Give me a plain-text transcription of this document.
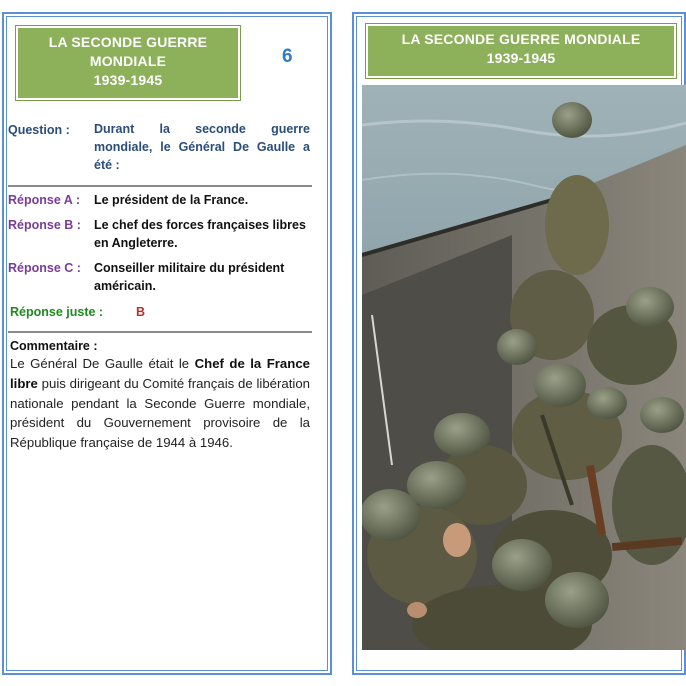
LA SECONDE GUERRE
MONDIALE
1939-1945
6
Question : Durant la seconde guerre
mondiale, le Général De Gaulle a
été :
Réponse A : Le président de la France.
Réponse B : Le chef des forces françaises libres
en Angleterre.
Réponse C : Conseiller militaire du président
américain.
Réponse juste :	B
Commentaire :
Le Général De Gaulle était le Chef de la France libre puis dirigeant du Comité français de libération nationale pendant la Seconde Guerre mondiale, président du Gouvernement provisoire de la République française de 1944 à 1946.
LA SECONDE GUERRE MONDIALE
1939-1945
